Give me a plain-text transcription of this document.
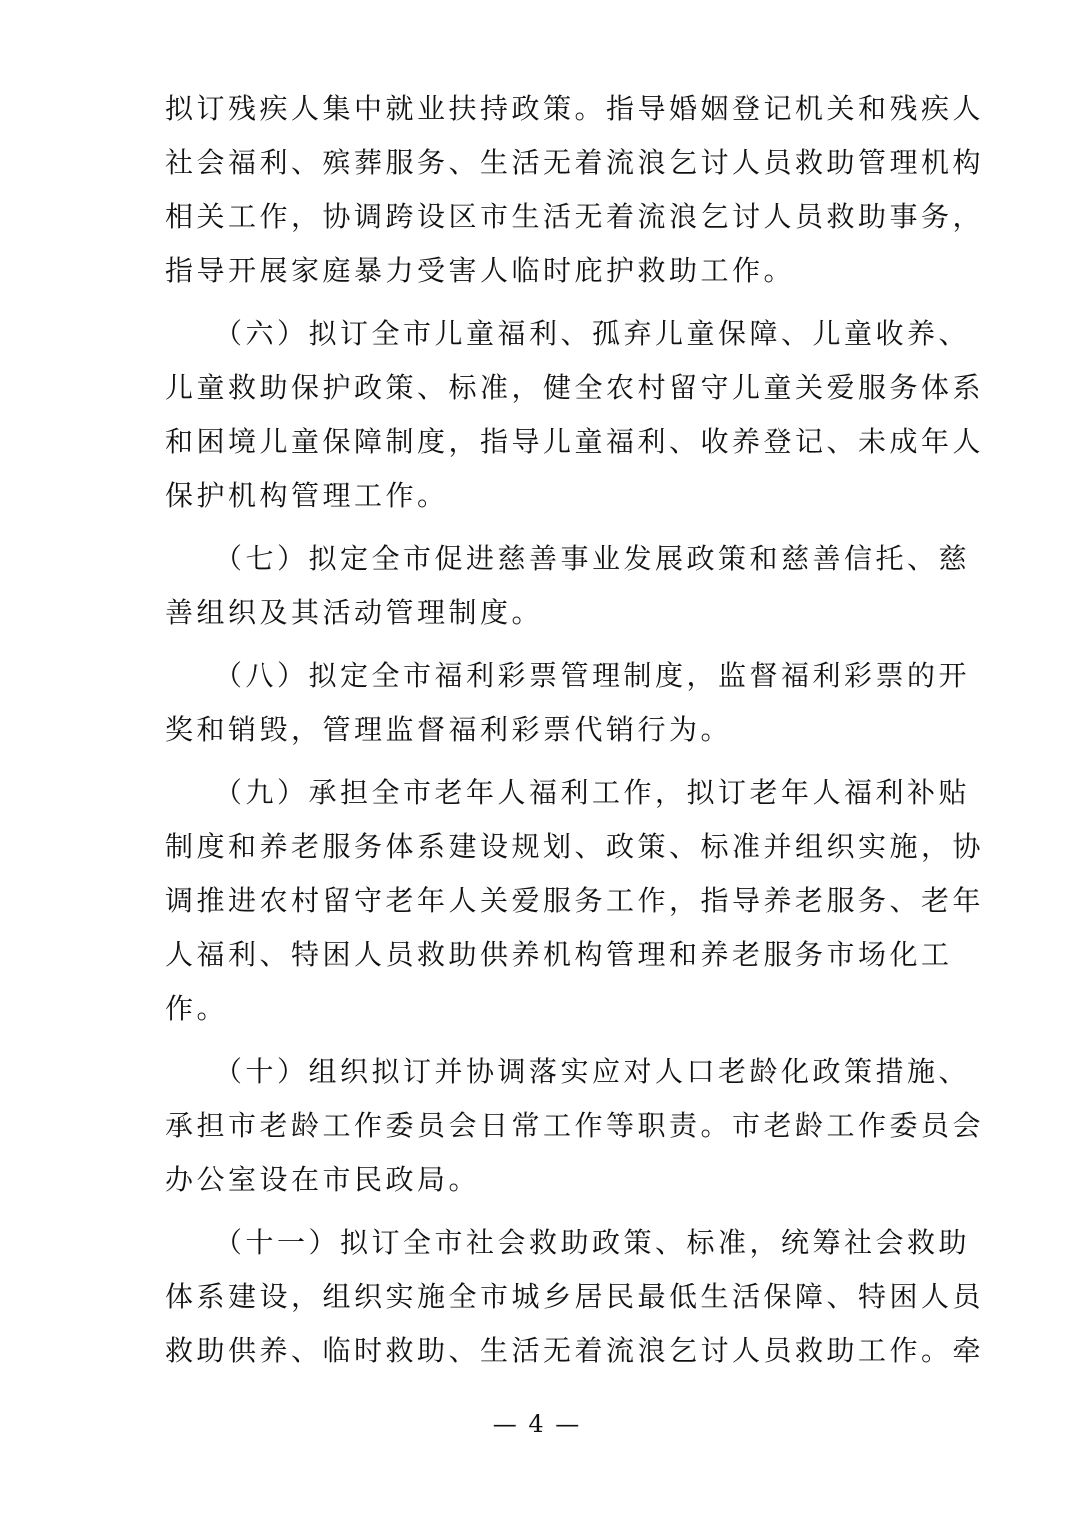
拟订残疾人集中就业扶持政策。指导婚姻登记机关和残疾人
社会福利、殡葬服务、生活无着流浪乞讨人员救助管理机构
相关工作，协调跨设区市生活无着流浪乞讨人员救助事务，
指导开展家庭暴力受害人临时庇护救助工作。
　　（六）拟订全市儿童福利、孤弃儿童保障、儿童收养、
儿童救助保护政策、标准，健全农村留守儿童关爱服务体系
和困境儿童保障制度，指导儿童福利、收养登记、未成年人
保护机构管理工作。
　　（七）拟定全市促进慈善事业发展政策和慈善信托、慈
善组织及其活动管理制度。
　　（八）拟定全市福利彩票管理制度，监督福利彩票的开
奖和销毁，管理监督福利彩票代销行为。
　　（九）承担全市老年人福利工作，拟订老年人福利补贴
制度和养老服务体系建设规划、政策、标准并组织实施，协
调推进农村留守老年人关爱服务工作，指导养老服务、老年
人福利、特困人员救助供养机构管理和养老服务市场化工
作。
　　（十）组织拟订并协调落实应对人口老龄化政策措施、
承担市老龄工作委员会日常工作等职责。市老龄工作委员会
办公室设在市民政局。
　　（十一）拟订全市社会救助政策、标准，统筹社会救助
体系建设，组织实施全市城乡居民最低生活保障、特困人员
救助供养、临时救助、生活无着流浪乞讨人员救助工作。牵
— 4 —
